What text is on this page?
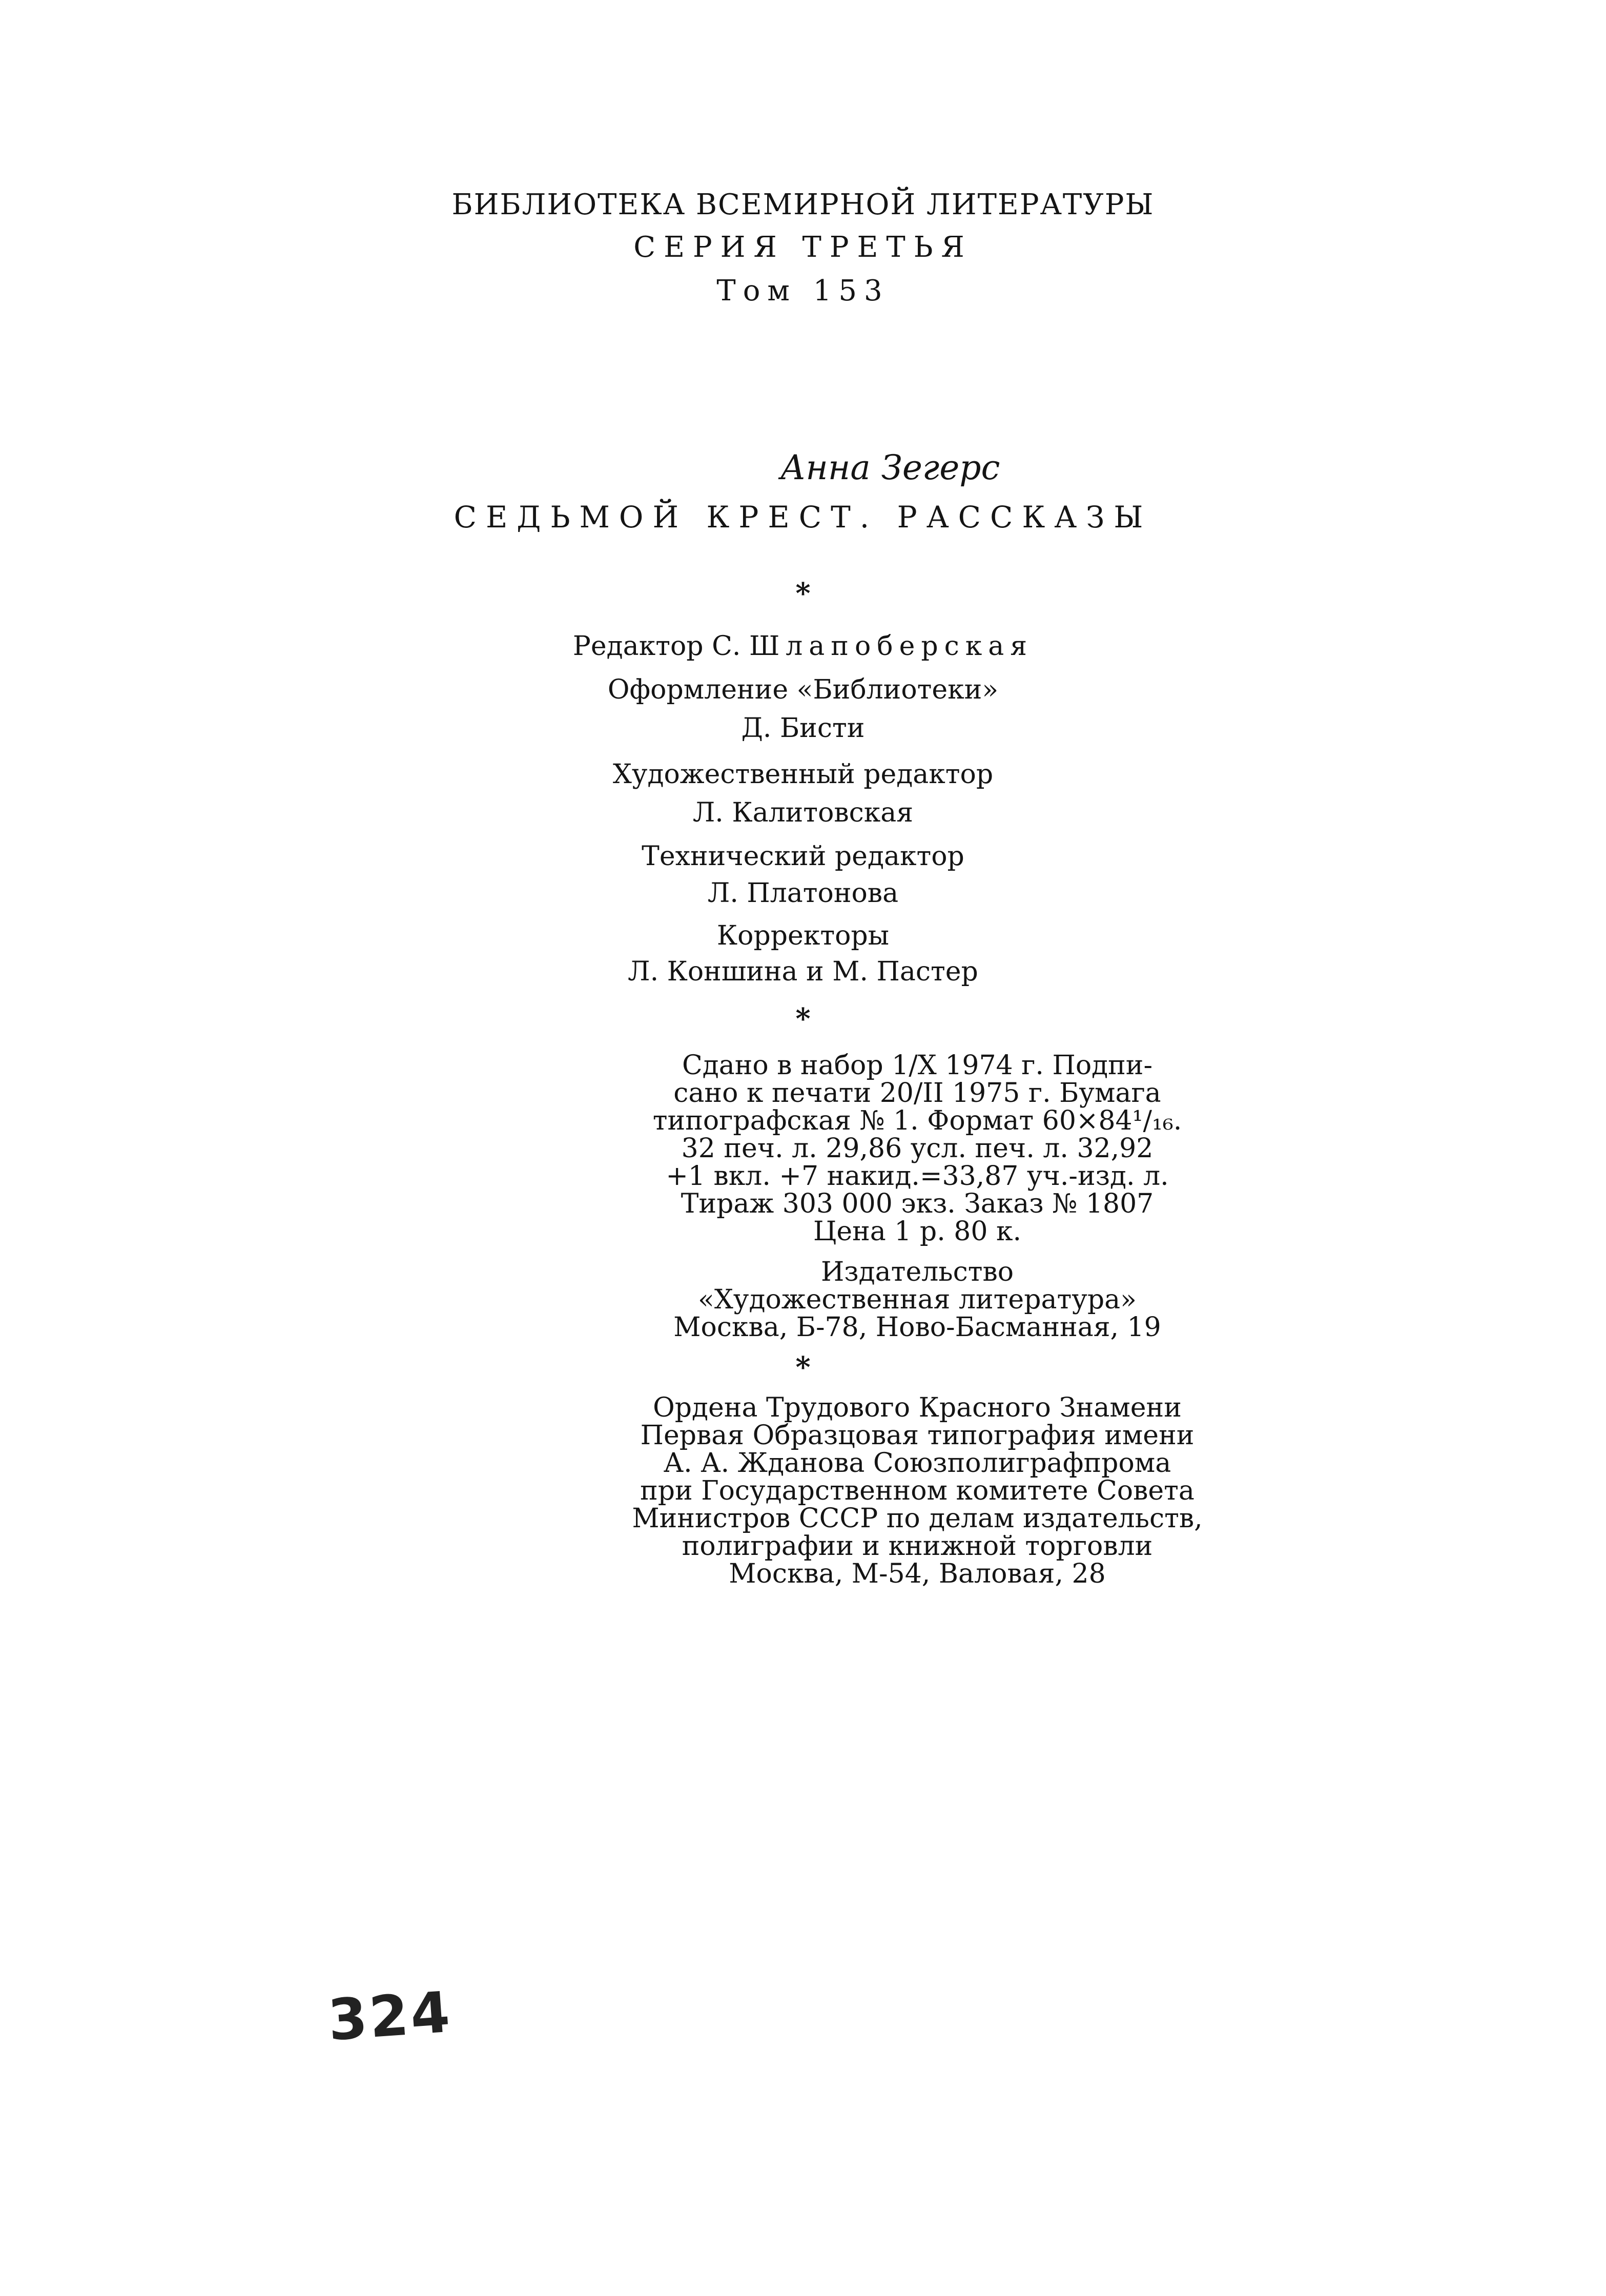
БИБЛИОТЕКА ВСЕМИРНОЙ ЛИТЕРАТУРЫ
СЕРИЯ ТРЕТЬЯ
Том 153
Анна Зегерс
СЕДЬМОЙ КРЕСТ. РАССКАЗЫ
*
Редактор С. Шлапоберская
Оформление «Библиотеки»
Д. Бисти
Художественный редактор
Л. Калитовская
Технический редактор
Л. Платонова
Корректоры
Л. Коншина и М. Пастер
*
Сдано в набор 1/X 1974 г. Подпи-
сано к печати 20/II 1975 г. Бумага
типографская № 1. Формат 60×84¹/₁₆.
32 печ. л. 29,86 усл. печ. л. 32,92
+1 вкл. +7 накид.=33,87 уч.-изд. л.
Тираж 303 000 экз. Заказ № 1807
Цена 1 р. 80 к.
Издательство
«Художественная литература»
Москва, Б-78, Ново-Басманная, 19
*
Ордена Трудового Красного Знамени
Первая Образцовая типография имени
А. А. Жданова Союзполиграфпрома
при Государственном комитете Совета
Министров СССР по делам издательств,
полиграфии и книжной торговли
Москва, М-54, Валовая, 28
324
